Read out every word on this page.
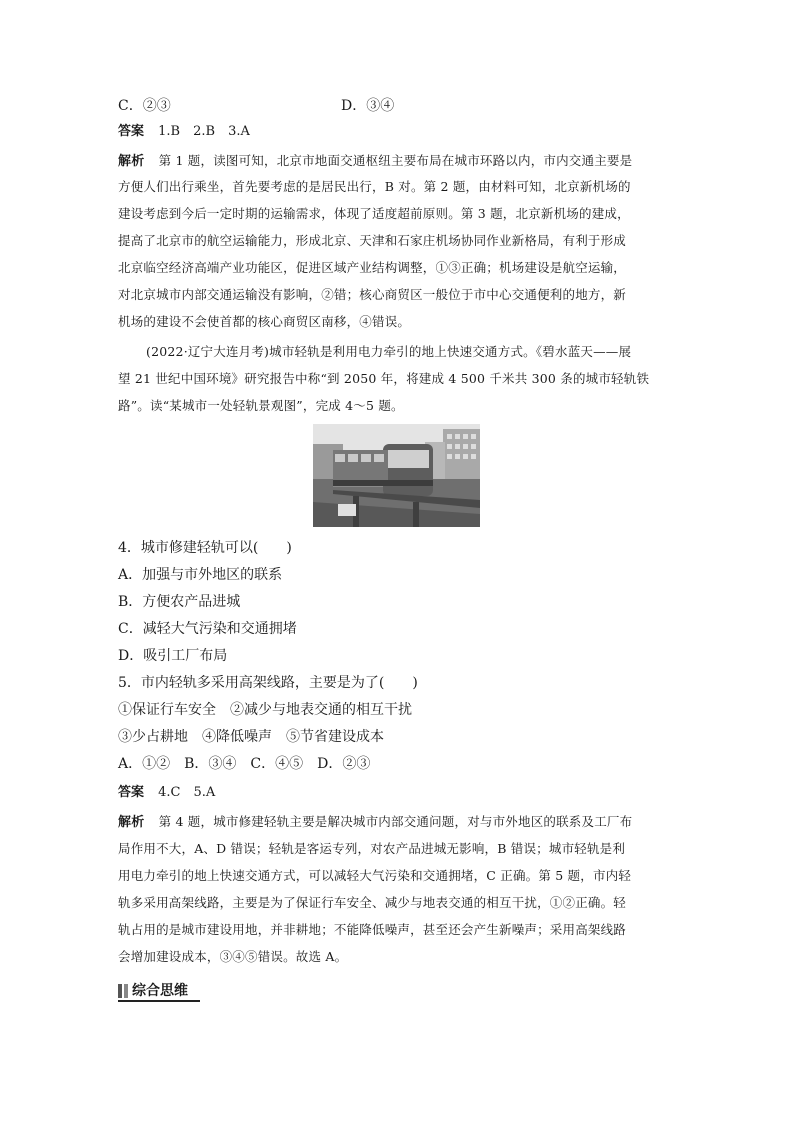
C．②③	D．③④
答案 1.B　2.B　3.A
解析 第 1 题，读图可知，北京市地面交通枢纽主要布局在城市环路以内，市内交通主要是
方便人们出行乘坐，首先要考虑的是居民出行，B 对。第 2 题，由材料可知，北京新机场的
建设考虑到今后一定时期的运输需求，体现了适度超前原则。第 3 题，北京新机场的建成，
提高了北京市的航空运输能力，形成北京、天津和石家庄机场协同作业新格局，有利于形成
北京临空经济高端产业功能区，促进区域产业结构调整，①③正确；机场建设是航空运输，
对北京城市内部交通运输没有影响，②错；核心商贸区一般位于市中心交通便利的地方，新
机场的建设不会使首都的核心商贸区南移，④错误。
(2022·辽宁大连月考)城市轻轨是利用电力牵引的地上快速交通方式。《碧水蓝天——展
望 21 世纪中国环境》研究报告中称“到 2050 年，将建成 4 500 千米共 300 条的城市轻轨铁
路”。读“某城市一处轻轨景观图”，完成 4～5 题。
4．城市修建轻轨可以(　　)
A．加强与市外地区的联系
B．方便农产品进城
C．减轻大气污染和交通拥堵
D．吸引工厂布局
5．市内轻轨多采用高架线路，主要是为了(　　)
①保证行车安全　②减少与地表交通的相互干扰
③少占耕地　④降低噪声　⑤节省建设成本
A．①②　B．③④　C．④⑤　D．②③
答案 4.C　5.A
解析 第 4 题，城市修建轻轨主要是解决城市内部交通问题，对与市外地区的联系及工厂布
局作用不大，A、D 错误；轻轨是客运专列，对农产品进城无影响，B 错误；城市轻轨是利
用电力牵引的地上快速交通方式，可以减轻大气污染和交通拥堵，C 正确。第 5 题，市内轻
轨多采用高架线路，主要是为了保证行车安全、减少与地表交通的相互干扰，①②正确。轻
轨占用的是城市建设用地，并非耕地；不能降低噪声，甚至还会产生新噪声；采用高架线路
会增加建设成本，③④⑤错误。故选 A。
综合思维
